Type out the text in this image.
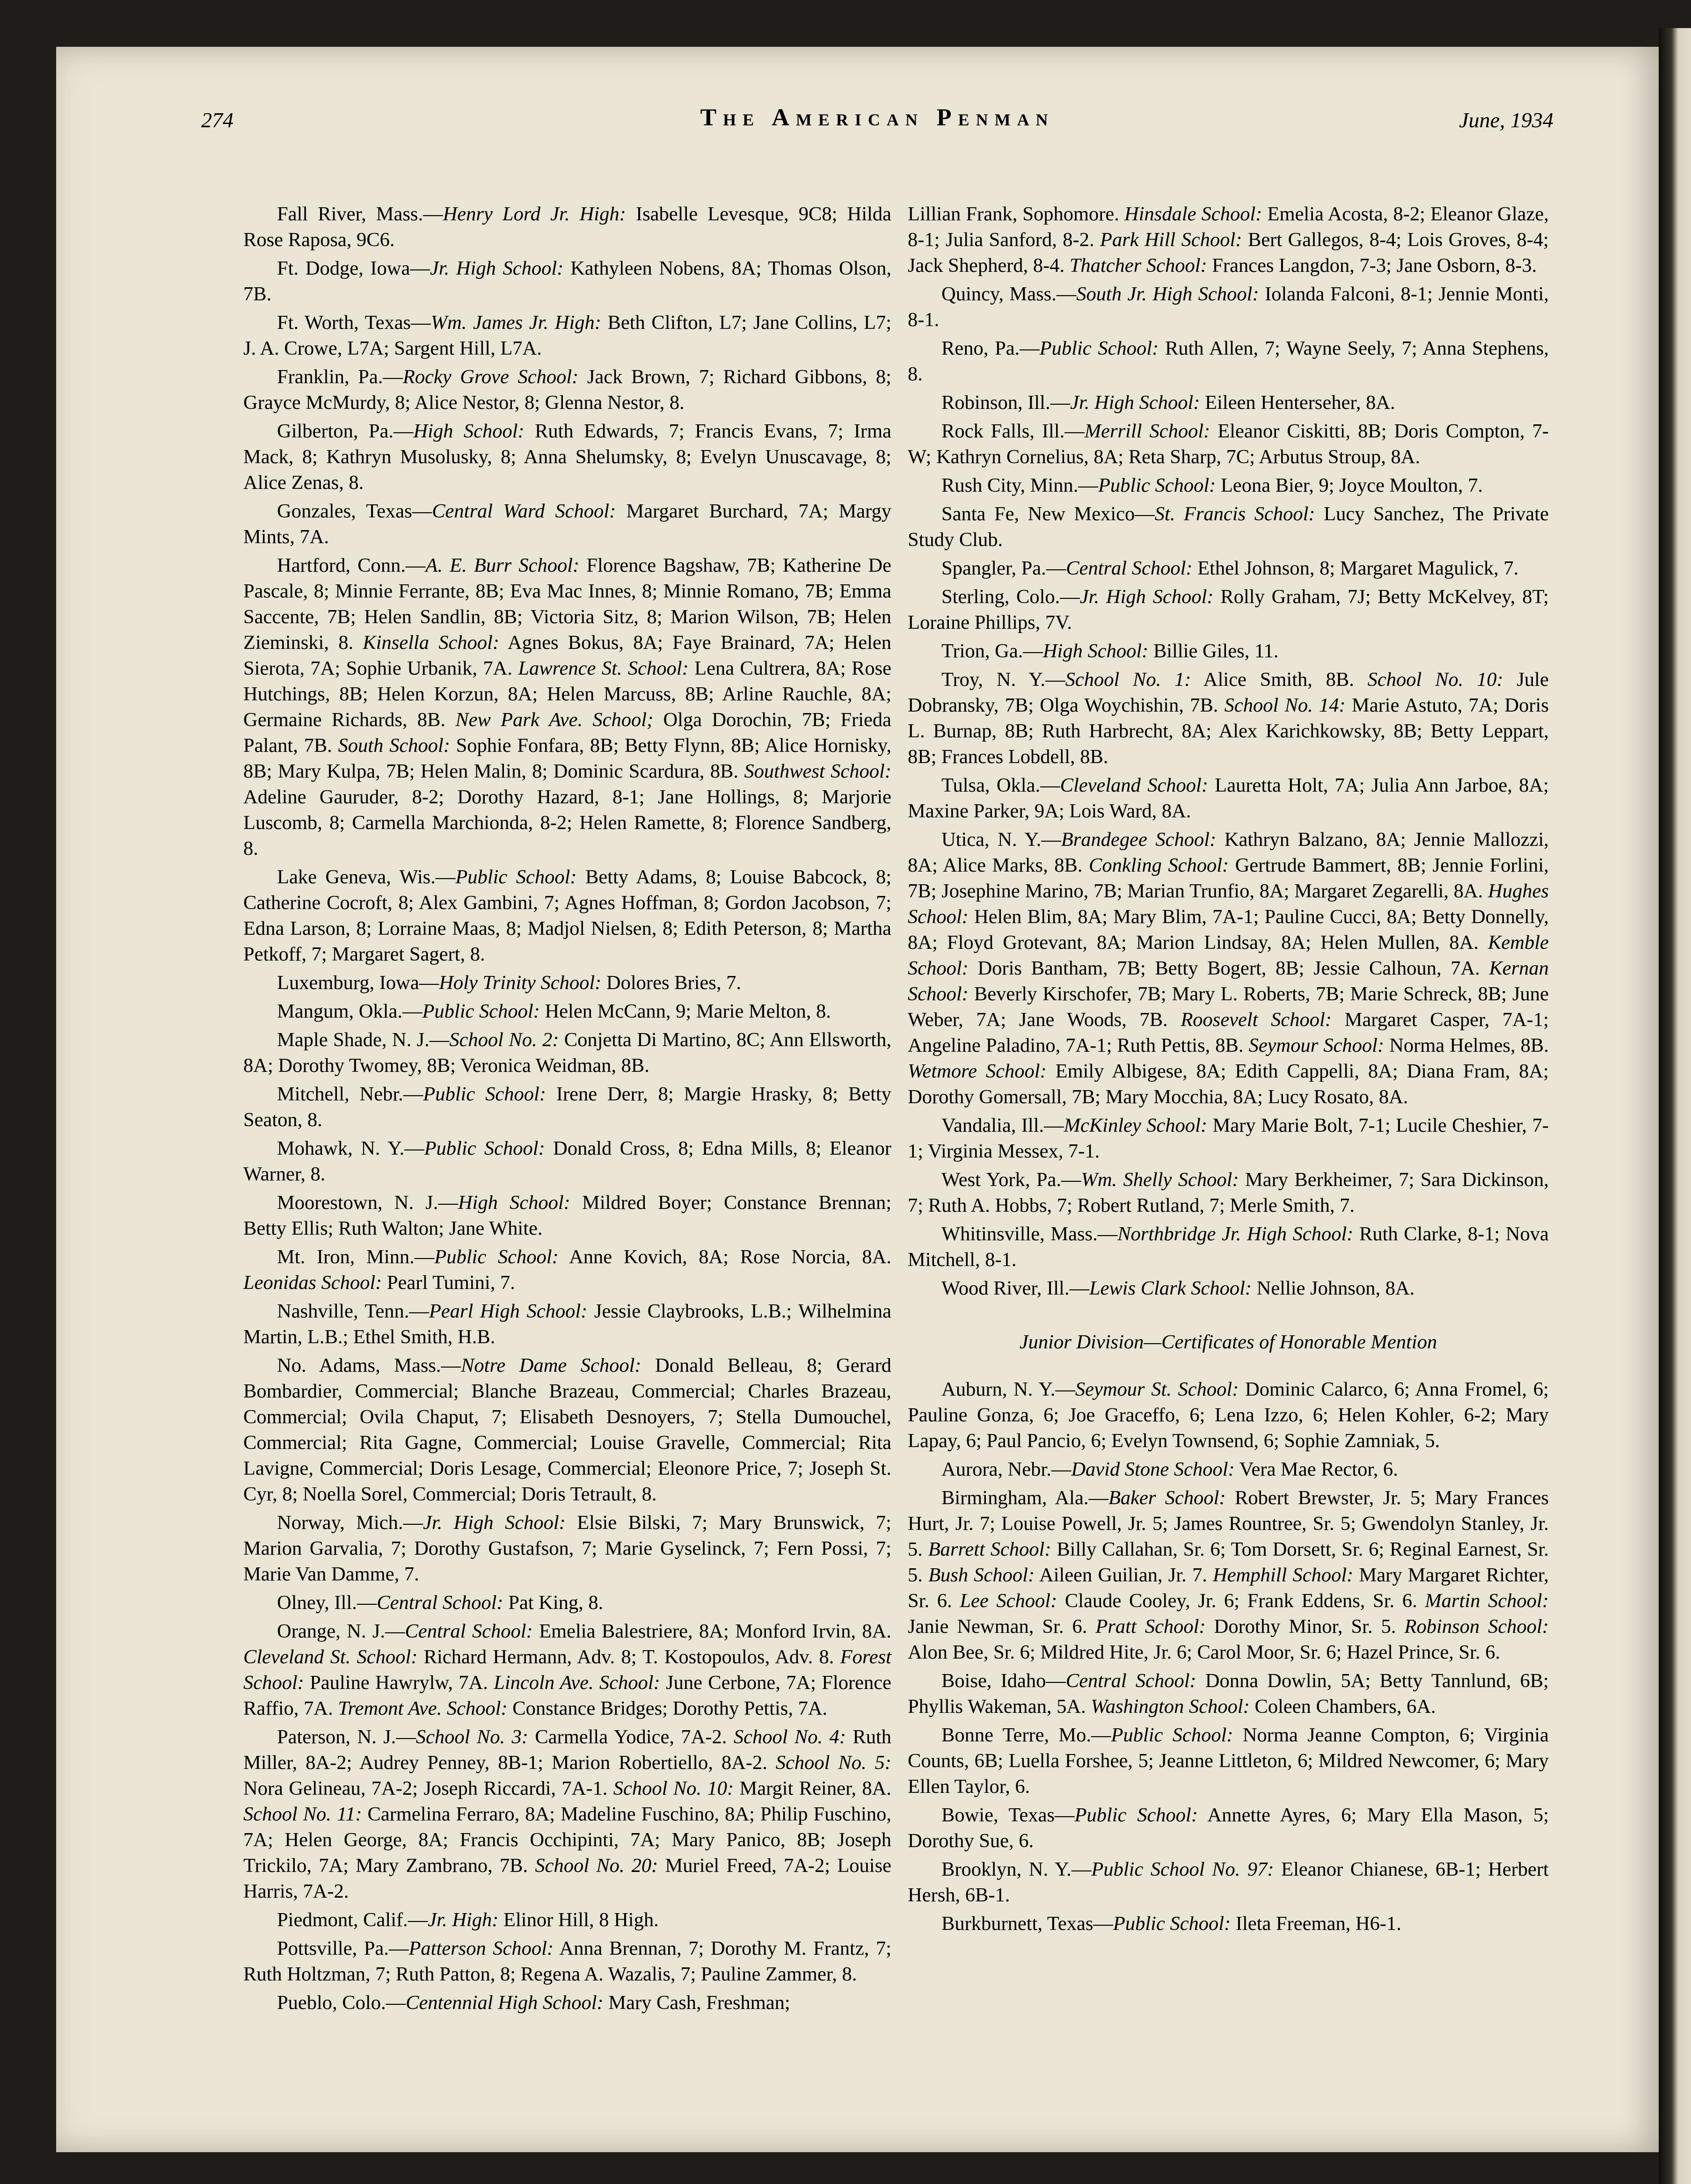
274	The American Penman	June, 1934

Fall River, Mass.—Henry Lord Jr. High: Isabelle Levesque, 9C8; Hilda Rose Raposa, 9C6.

Ft. Dodge, Iowa—Jr. High School: Kathyleen Nobens, 8A; Thomas Olson, 7B.

Ft. Worth, Texas—Wm. James Jr. High: Beth Clifton, L7; Jane Collins, L7; J. A. Crowe, L7A; Sargent Hill, L7A.

Franklin, Pa.—Rocky Grove School: Jack Brown, 7; Richard Gibbons, 8; Grayce McMurdy, 8; Alice Nestor, 8; Glenna Nestor, 8.

Gilberton, Pa.—High School: Ruth Edwards, 7; Francis Evans, 7; Irma Mack, 8; Kathryn Musolusky, 8; Anna Shelumsky, 8; Evelyn Unuscavage, 8; Alice Zenas, 8.

Gonzales, Texas—Central Ward School: Margaret Burchard, 7A; Margy Mints, 7A.

Hartford, Conn.—A. E. Burr School: Florence Bagshaw, 7B; Katherine De Pascale, 8; Minnie Ferrante, 8B; Eva Mac Innes, 8; Minnie Romano, 7B; Emma Saccente, 7B; Helen Sandlin, 8B; Victoria Sitz, 8; Marion Wilson, 7B; Helen Zieminski, 8. Kinsella School: Agnes Bokus, 8A; Faye Brainard, 7A; Helen Sierota, 7A; Sophie Urbanik, 7A. Lawrence St. School: Lena Cultrera, 8A; Rose Hutchings, 8B; Helen Korzun, 8A; Helen Marcuss, 8B; Arline Rauchle, 8A; Germaine Richards, 8B. New Park Ave. School; Olga Dorochin, 7B; Frieda Palant, 7B. South School: Sophie Fonfara, 8B; Betty Flynn, 8B; Alice Hornisky, 8B; Mary Kulpa, 7B; Helen Malin, 8; Dominic Scardura, 8B. Southwest School: Adeline Gauruder, 8-2; Dorothy Hazard, 8-1; Jane Hollings, 8; Marjorie Luscomb, 8; Carmella Marchionda, 8-2; Helen Ramette, 8; Florence Sandberg, 8.

Lake Geneva, Wis.—Public School: Betty Adams, 8; Louise Babcock, 8; Catherine Cocroft, 8; Alex Gambini, 7; Agnes Hoffman, 8; Gordon Jacobson, 7; Edna Larson, 8; Lorraine Maas, 8; Madjol Nielsen, 8; Edith Peterson, 8; Martha Petkoff, 7; Margaret Sagert, 8.

Luxemburg, Iowa—Holy Trinity School: Dolores Bries, 7.

Mangum, Okla.—Public School: Helen McCann, 9; Marie Melton, 8.

Maple Shade, N. J.—School No. 2: Conjetta Di Martino, 8C; Ann Ellsworth, 8A; Dorothy Twomey, 8B; Veronica Weidman, 8B.

Mitchell, Nebr.—Public School: Irene Derr, 8; Margie Hrasky, 8; Betty Seaton, 8.

Mohawk, N. Y.—Public School: Donald Cross, 8; Edna Mills, 8; Eleanor Warner, 8.

Moorestown, N. J.—High School: Mildred Boyer; Constance Brennan; Betty Ellis; Ruth Walton; Jane White.

Mt. Iron, Minn.—Public School: Anne Kovich, 8A; Rose Norcia, 8A. Leonidas School: Pearl Tumini, 7.

Nashville, Tenn.—Pearl High School: Jessie Claybrooks, L.B.; Wilhelmina Martin, L.B.; Ethel Smith, H.B.

No. Adams, Mass.—Notre Dame School: Donald Belleau, 8; Gerard Bombardier, Commercial; Blanche Brazeau, Commercial; Charles Brazeau, Commercial; Ovila Chaput, 7; Elisabeth Desnoyers, 7; Stella Dumouchel, Commercial; Rita Gagne, Commercial; Louise Gravelle, Commercial; Rita Lavigne, Commercial; Doris Lesage, Commercial; Eleonore Price, 7; Joseph St. Cyr, 8; Noella Sorel, Commercial; Doris Tetrault, 8.

Norway, Mich.—Jr. High School: Elsie Bilski, 7; Mary Brunswick, 7; Marion Garvalia, 7; Dorothy Gustafson, 7; Marie Gyselinck, 7; Fern Possi, 7; Marie Van Damme, 7.

Olney, Ill.—Central School: Pat King, 8.

Orange, N. J.—Central School: Emelia Balestriere, 8A; Monford Irvin, 8A. Cleveland St. School: Richard Hermann, Adv. 8; T. Kostopoulos, Adv. 8. Forest School: Pauline Hawrylw, 7A. Lincoln Ave. School: June Cerbone, 7A; Florence Raffio, 7A. Tremont Ave. School: Constance Bridges; Dorothy Pettis, 7A.

Paterson, N. J.—School No. 3: Carmella Yodice, 7A-2. School No. 4: Ruth Miller, 8A-2; Audrey Penney, 8B-1; Marion Robertiello, 8A-2. School No. 5: Nora Gelineau, 7A-2; Joseph Riccardi, 7A-1. School No. 10: Margit Reiner, 8A. School No. 11: Carmelina Ferraro, 8A; Madeline Fuschino, 8A; Philip Fuschino, 7A; Helen George, 8A; Francis Occhipinti, 7A; Mary Panico, 8B; Joseph Trickilo, 7A; Mary Zambrano, 7B. School No. 20: Muriel Freed, 7A-2; Louise Harris, 7A-2.

Piedmont, Calif.—Jr. High: Elinor Hill, 8 High.

Pottsville, Pa.—Patterson School: Anna Brennan, 7; Dorothy M. Frantz, 7; Ruth Holtzman, 7; Ruth Patton, 8; Regena A. Wazalis, 7; Pauline Zammer, 8.

Pueblo, Colo.—Centennial High School: Mary Cash, Freshman;

Lillian Frank, Sophomore. Hinsdale School: Emelia Acosta, 8-2; Eleanor Glaze, 8-1; Julia Sanford, 8-2. Park Hill School: Bert Gallegos, 8-4; Lois Groves, 8-4; Jack Shepherd, 8-4. Thatcher School: Frances Langdon, 7-3; Jane Osborn, 8-3.

Quincy, Mass.—South Jr. High School: Iolanda Falconi, 8-1; Jennie Monti, 8-1.

Reno, Pa.—Public School: Ruth Allen, 7; Wayne Seely, 7; Anna Stephens, 8.

Robinson, Ill.—Jr. High School: Eileen Henterseher, 8A.

Rock Falls, Ill.—Merrill School: Eleanor Ciskitti, 8B; Doris Compton, 7-W; Kathryn Cornelius, 8A; Reta Sharp, 7C; Arbutus Stroup, 8A.

Rush City, Minn.—Public School: Leona Bier, 9; Joyce Moulton, 7.

Santa Fe, New Mexico—St. Francis School: Lucy Sanchez, The Private Study Club.

Spangler, Pa.—Central School: Ethel Johnson, 8; Margaret Magulick, 7.

Sterling, Colo.—Jr. High School: Rolly Graham, 7J; Betty McKelvey, 8T; Loraine Phillips, 7V.

Trion, Ga.—High School: Billie Giles, 11.

Troy, N. Y.—School No. 1: Alice Smith, 8B. School No. 10: Jule Dobransky, 7B; Olga Woychishin, 7B. School No. 14: Marie Astuto, 7A; Doris L. Burnap, 8B; Ruth Harbrecht, 8A; Alex Karichkowsky, 8B; Betty Leppart, 8B; Frances Lobdell, 8B.

Tulsa, Okla.—Cleveland School: Lauretta Holt, 7A; Julia Ann Jarboe, 8A; Maxine Parker, 9A; Lois Ward, 8A.

Utica, N. Y.—Brandegee School: Kathryn Balzano, 8A; Jennie Mallozzi, 8A; Alice Marks, 8B. Conkling School: Gertrude Bammert, 8B; Jennie Forlini, 7B; Josephine Marino, 7B; Marian Trunfio, 8A; Margaret Zegarelli, 8A. Hughes School: Helen Blim, 8A; Mary Blim, 7A-1; Pauline Cucci, 8A; Betty Donnelly, 8A; Floyd Grotevant, 8A; Marion Lindsay, 8A; Helen Mullen, 8A. Kemble School: Doris Bantham, 7B; Betty Bogert, 8B; Jessie Calhoun, 7A. Kernan School: Beverly Kirschofer, 7B; Mary L. Roberts, 7B; Marie Schreck, 8B; June Weber, 7A; Jane Woods, 7B. Roosevelt School: Margaret Casper, 7A-1; Angeline Paladino, 7A-1; Ruth Pettis, 8B. Seymour School: Norma Helmes, 8B. Wetmore School: Emily Albigese, 8A; Edith Cappelli, 8A; Diana Fram, 8A; Dorothy Gomersall, 7B; Mary Mocchia, 8A; Lucy Rosato, 8A.

Vandalia, Ill.—McKinley School: Mary Marie Bolt, 7-1; Lucile Cheshier, 7-1; Virginia Messex, 7-1.

West York, Pa.—Wm. Shelly School: Mary Berkheimer, 7; Sara Dickinson, 7; Ruth A. Hobbs, 7; Robert Rutland, 7; Merle Smith, 7.

Whitinsville, Mass.—Northbridge Jr. High School: Ruth Clarke, 8-1; Nova Mitchell, 8-1.

Wood River, Ill.—Lewis Clark School: Nellie Johnson, 8A.

Junior Division—Certificates of Honorable Mention

Auburn, N. Y.—Seymour St. School: Dominic Calarco, 6; Anna Fromel, 6; Pauline Gonza, 6; Joe Graceffo, 6; Lena Izzo, 6; Helen Kohler, 6-2; Mary Lapay, 6; Paul Pancio, 6; Evelyn Townsend, 6; Sophie Zamniak, 5.

Aurora, Nebr.—David Stone School: Vera Mae Rector, 6.

Birmingham, Ala.—Baker School: Robert Brewster, Jr. 5; Mary Frances Hurt, Jr. 7; Louise Powell, Jr. 5; James Rountree, Sr. 5; Gwendolyn Stanley, Jr. 5. Barrett School: Billy Callahan, Sr. 6; Tom Dorsett, Sr. 6; Reginal Earnest, Sr. 5. Bush School: Aileen Guilian, Jr. 7. Hemphill School: Mary Margaret Richter, Sr. 6. Lee School: Claude Cooley, Jr. 6; Frank Eddens, Sr. 6. Martin School: Janie Newman, Sr. 6. Pratt School: Dorothy Minor, Sr. 5. Robinson School: Alon Bee, Sr. 6; Mildred Hite, Jr. 6; Carol Moor, Sr. 6; Hazel Prince, Sr. 6.

Boise, Idaho—Central School: Donna Dowlin, 5A; Betty Tannlund, 6B; Phyllis Wakeman, 5A. Washington School: Coleen Chambers, 6A.

Bonne Terre, Mo.—Public School: Norma Jeanne Compton, 6; Virginia Counts, 6B; Luella Forshee, 5; Jeanne Littleton, 6; Mildred Newcomer, 6; Mary Ellen Taylor, 6.

Bowie, Texas—Public School: Annette Ayres, 6; Mary Ella Mason, 5; Dorothy Sue, 6.

Brooklyn, N. Y.—Public School No. 97: Eleanor Chianese, 6B-1; Herbert Hersh, 6B-1.

Burkburnett, Texas—Public School: Ileta Freeman, H6-1.
